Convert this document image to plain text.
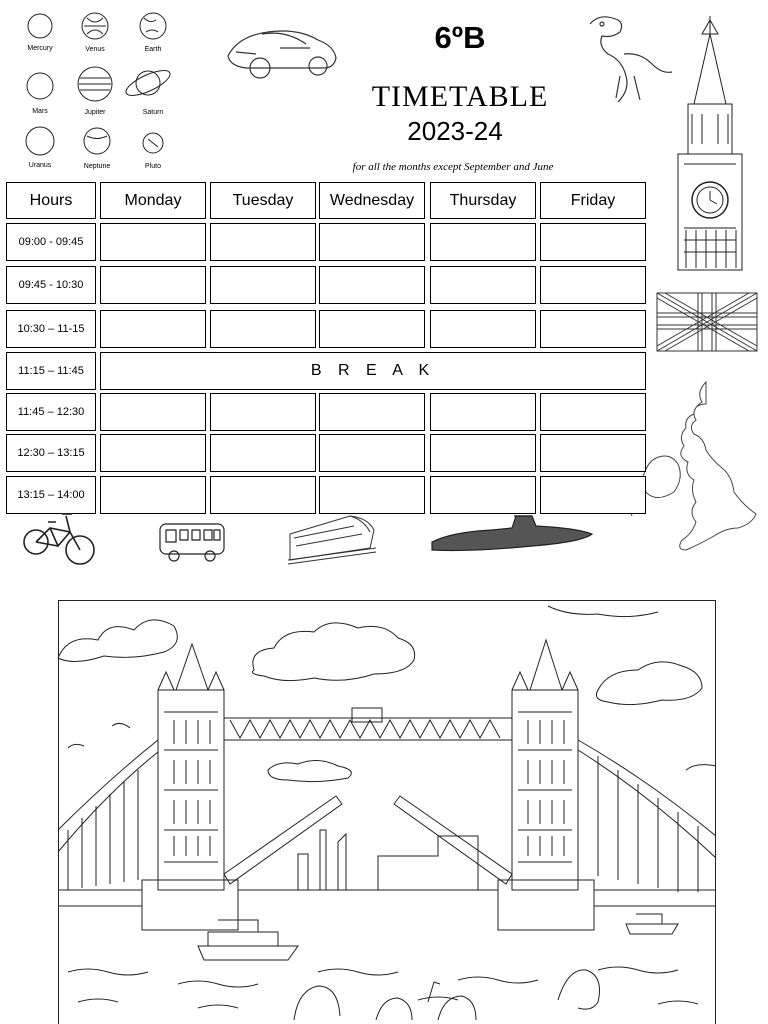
Mercury	Venus	Earth
Mars	Jupiter	Saturn
Uranus	Neptune	Pluto
6ºB
TIMETABLE
2023-24
for all the months except September and June
Hours	Monday	Tuesday	Wednesday	Thursday	Friday
09:00 - 09:45
09:45 - 10:30
10:30 – 11-15
11:15 – 11:45	B R E A K
11:45 – 12:30
12:30 – 13:15
13:15 – 14:00
